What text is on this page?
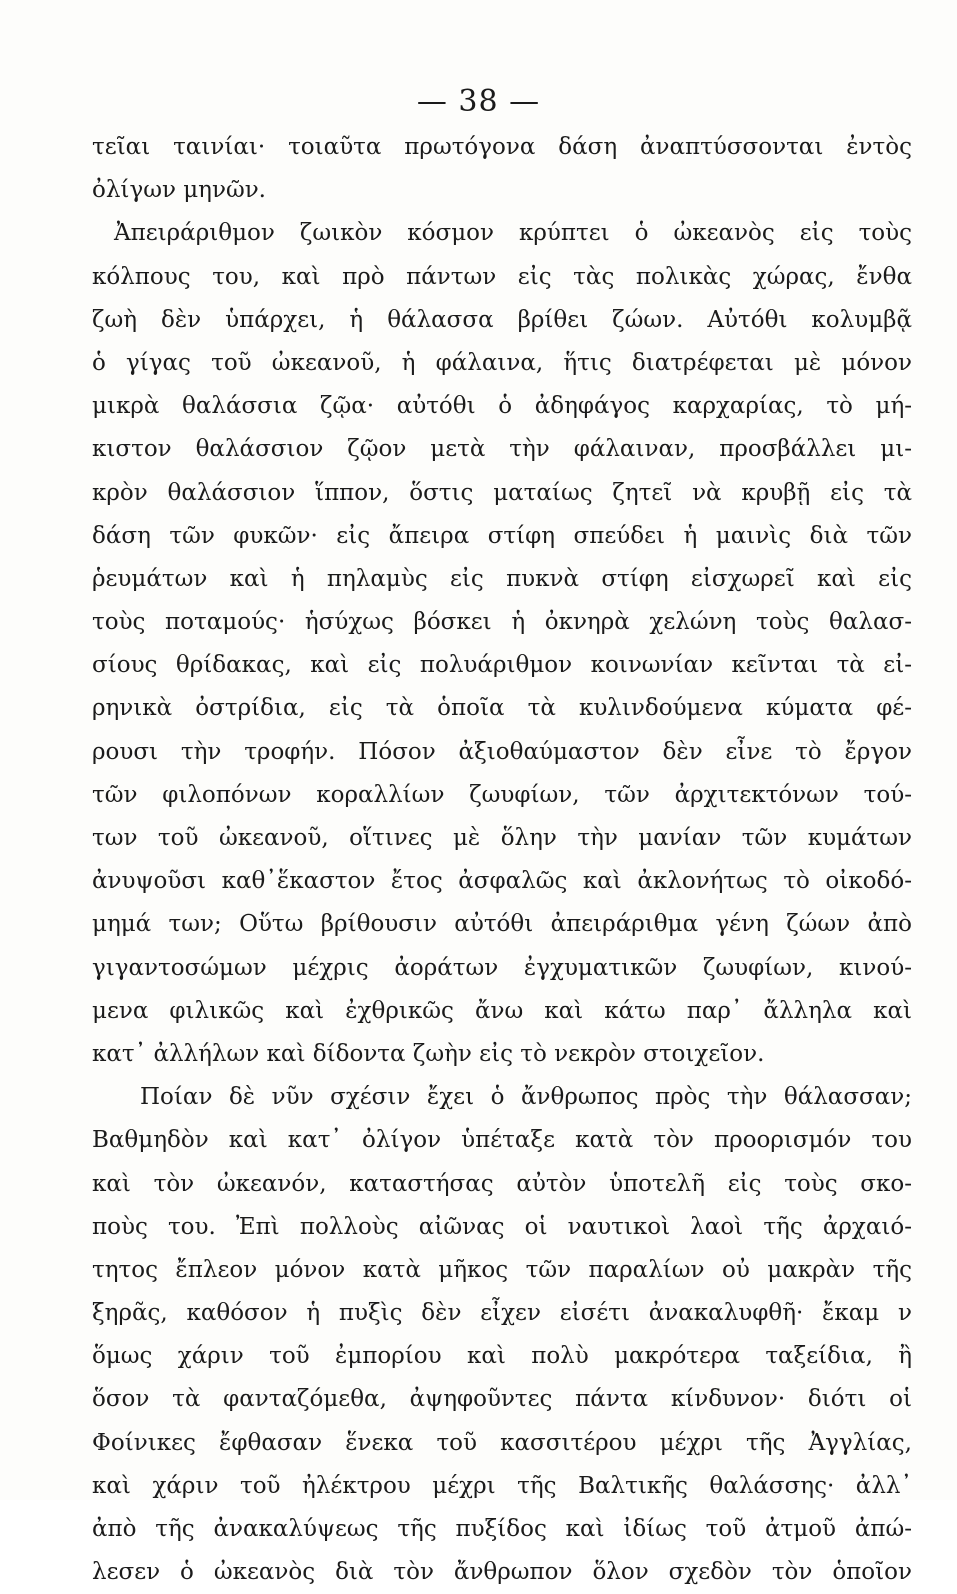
— 38 —
τεῖαι ταινίαι· τοιαῦτα πρωτόγονα δάση ἀναπτύσσονται ἐντὸς
ὀλίγων μηνῶν.
Ἀπειράριθμον ζωικὸν κόσμον κρύπτει ὁ ὠκεανὸς εἰς τοὺς
κόλπους του, καὶ πρὸ πάντων εἰς τὰς πολικὰς χώρας, ἔνθα
ζωὴ δὲν ὑπάρχει, ἡ θάλασσα βρίθει ζώων. Αὐτόθι κολυμβᾷ
ὁ γίγας τοῦ ὠκεανοῦ, ἡ φάλαινα, ἥτις διατρέφεται μὲ μόνον
μικρὰ θαλάσσια ζῷα· αὐτόθι ὁ ἀδηφάγος καρχαρίας, τὸ μή-
κιστον θαλάσσιον ζῷον μετὰ τὴν φάλαιναν, προσβάλλει μι-
κρὸν θαλάσσιον ἵππον, ὅστις ματαίως ζητεῖ νὰ κρυβῇ εἰς τὰ
δάση τῶν φυκῶν· εἰς ἄπειρα στίφη σπεύδει ἡ μαινὶς διὰ τῶν
ῥευμάτων καὶ ἡ πηλαμὺς εἰς πυκνὰ στίφη εἰσχωρεῖ καὶ εἰς
τοὺς ποταμούς· ἡσύχως βόσκει ἡ ὀκνηρὰ χελώνη τοὺς θαλασ-
σίους θρίδακας, καὶ εἰς πολυάριθμον κοινωνίαν κεῖνται τὰ εἰ-
ρηνικὰ ὀστρίδια, εἰς τὰ ὁποῖα τὰ κυλινδούμενα κύματα φέ-
ρουσι τὴν τροφήν. Πόσον ἀξιοθαύμαστον δὲν εἶνε τὸ ἔργον
τῶν φιλοπόνων κοραλλίων ζωυφίων, τῶν ἀρχιτεκτόνων τού-
των τοῦ ὠκεανοῦ, οἵτινες μὲ ὅλην τὴν μανίαν τῶν κυμάτων
ἀνυψοῦσι καθ᾽ἕκαστον ἔτος ἀσφαλῶς καὶ ἀκλονήτως τὸ οἰκοδό-
μημά των; Οὕτω βρίθουσιν αὐτόθι ἀπειράριθμα γένη ζώων ἀπὸ
γιγαντοσώμων μέχρις ἀοράτων ἐγχυματικῶν ζωυφίων, κινού-
μενα φιλικῶς καὶ ἐχθρικῶς ἄνω καὶ κάτω παρ᾽ ἄλληλα καὶ
κατ᾽ ἀλλήλων καὶ δίδοντα ζωὴν εἰς τὸ νεκρὸν στοιχεῖον.
Ποίαν δὲ νῦν σχέσιν ἔχει ὁ ἄνθρωπος πρὸς τὴν θάλασσαν;
Βαθμηδὸν καὶ κατ᾽ ὀλίγον ὑπέταξε κατὰ τὸν προορισμόν του
καὶ τὸν ὠκεανόν, καταστήσας αὐτὸν ὑποτελῆ εἰς τοὺς σκο-
ποὺς του. Ἐπὶ πολλοὺς αἰῶνας οἱ ναυτικοὶ λαοὶ τῆς ἀρχαιό-
τητος ἔπλεον μόνον κατὰ μῆκος τῶν παραλίων οὐ μακρὰν τῆς
ξηρᾶς, καθόσον ἡ πυξὶς δὲν εἶχεν εἰσέτι ἀνακαλυφθῆ· ἔκαμ ν
ὅμως χάριν τοῦ ἐμπορίου καὶ πολὺ μακρότερα ταξείδια, ἢ
ὅσον τὰ φανταζόμεθα, ἀψηφοῦντες πάντα κίνδυνον· διότι οἱ
Φοίνικες ἔφθασαν ἕνεκα τοῦ κασσιτέρου μέχρι τῆς Ἀγγλίας,
καὶ χάριν τοῦ ἠλέκτρου μέχρι τῆς Βαλτικῆς θαλάσσης· ἀλλ᾽
ἀπὸ τῆς ἀνακαλύψεως τῆς πυξίδος καὶ ἰδίως τοῦ ἀτμοῦ ἀπώ-
λεσεν ὁ ὠκεανὸς διὰ τὸν ἄνθρωπον ὅλον σχεδὸν τὸν ὁποῖον
